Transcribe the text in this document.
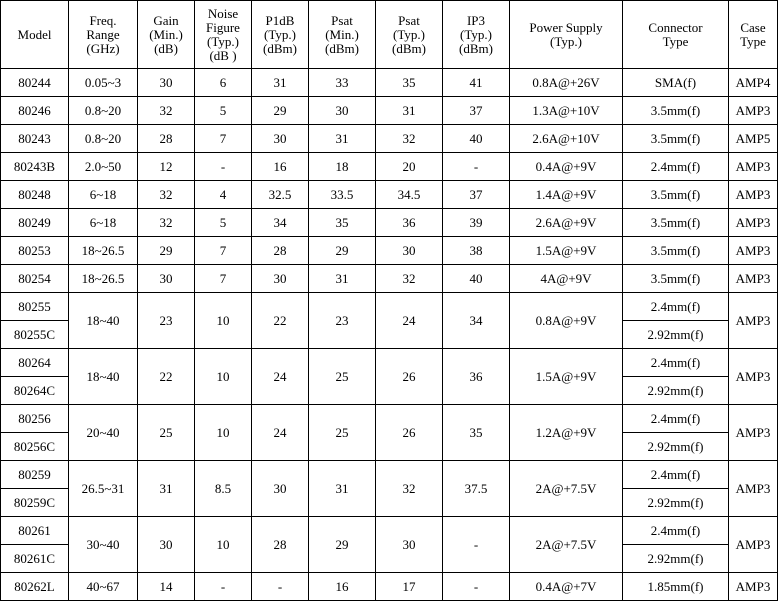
Model	Freq.
Range
(GHz)	Gain
(Min.)
(dB)	Noise
Figure
(Typ.)
(dB )	P1dB
(Typ.)
(dBm)	Psat
(Min.)
(dBm)	Psat
(Typ.)
(dBm)	IP3
(Typ.)
(dBm)	Power Supply
(Typ.)	Connector
Type	Case
Type

80244	0.05~3	30	6	31	33	35	41	0.8A@+26V	SMA(f)	AMP4
80246	0.8~20	32	5	29	30	31	37	1.3A@+10V	3.5mm(f)	AMP3
80243	0.8~20	28	7	30	31	32	40	2.6A@+10V	3.5mm(f)	AMP5
80243B	2.0~50	12	-	16	18	20	-	0.4A@+9V	2.4mm(f)	AMP3
80248	6~18	32	4	32.5	33.5	34.5	37	1.4A@+9V	3.5mm(f)	AMP3
80249	6~18	32	5	34	35	36	39	2.6A@+9V	3.5mm(f)	AMP3
80253	18~26.5	29	7	28	29	30	38	1.5A@+9V	3.5mm(f)	AMP3
80254	18~26.5	30	7	30	31	32	40	4A@+9V	3.5mm(f)	AMP3
80255	18~40	23	10	22	23	24	34	0.8A@+9V	2.4mm(f)	AMP3
80255C									2.92mm(f)	
80264	18~40	22	10	24	25	26	36	1.5A@+9V	2.4mm(f)	AMP3
80264C									2.92mm(f)	
80256	20~40	25	10	24	25	26	35	1.2A@+9V	2.4mm(f)	AMP3
80256C									2.92mm(f)	
80259	26.5~31	31	8.5	30	31	32	37.5	2A@+7.5V	2.4mm(f)	AMP3
80259C									2.92mm(f)	
80261	30~40	30	10	28	29	30	-	2A@+7.5V	2.4mm(f)	AMP3
80261C									2.92mm(f)	
80262L	40~67	14	-	-	16	17	-	0.4A@+7V	1.85mm(f)	AMP3
